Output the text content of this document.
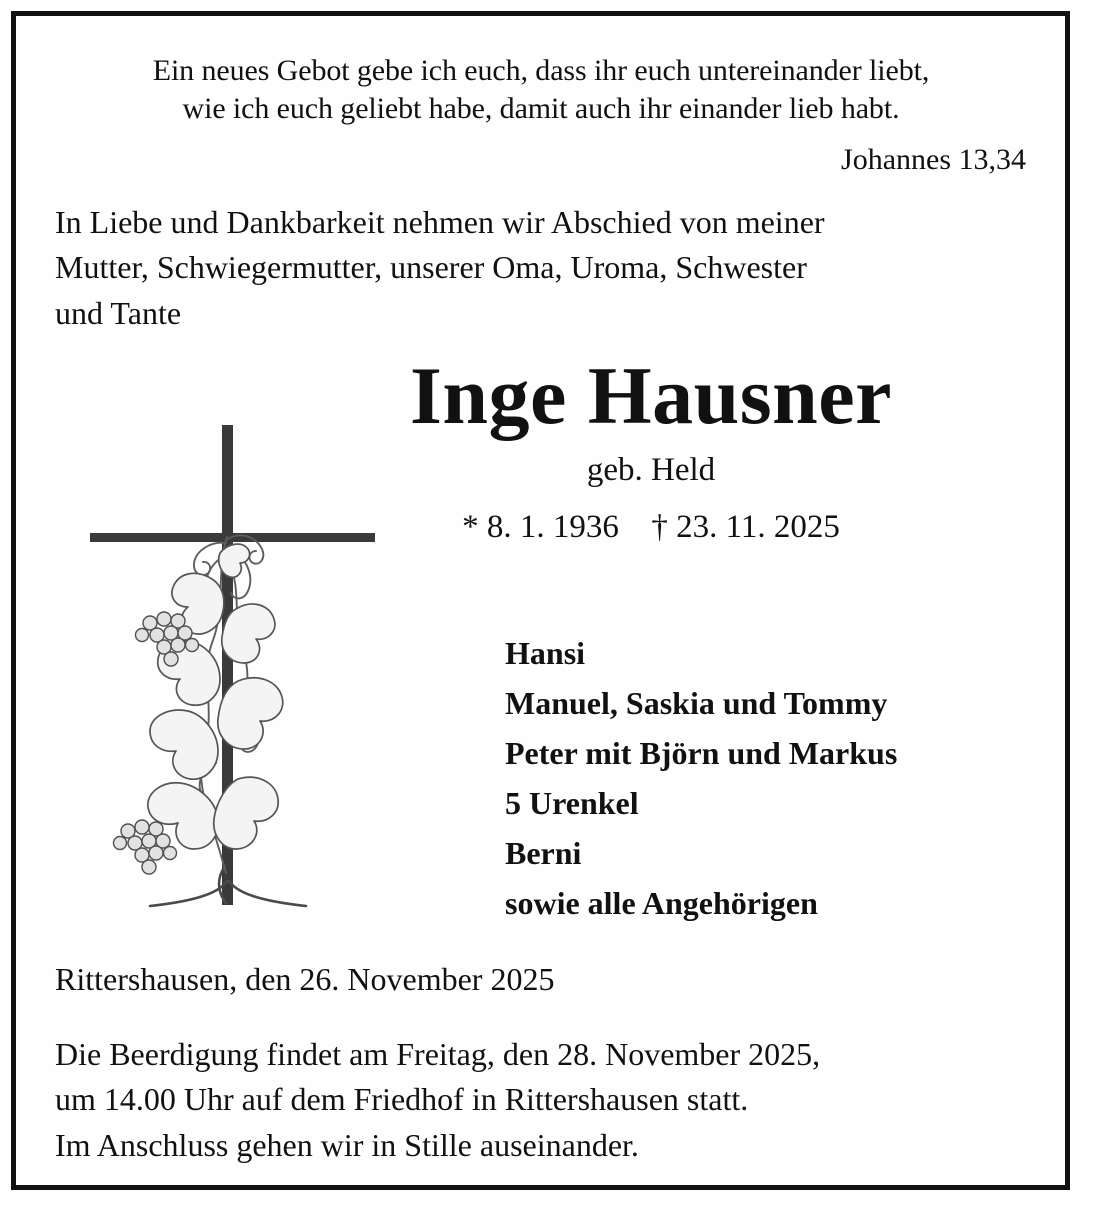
Ein neues Gebot gebe ich euch, dass ihr euch untereinander liebt,
wie ich euch geliebt habe, damit auch ihr einander lieb habt.
Johannes 13,34
In Liebe und Dankbarkeit nehmen wir Abschied von meiner
Mutter, Schwiegermutter, unserer Oma, Uroma, Schwester
und Tante
Inge Hausner
geb. Held
* 8. 1. 1936 † 23. 11. 2025
Hansi
Manuel, Saskia und Tommy
Peter mit Björn und Markus
5 Urenkel
Berni
sowie alle Angehörigen
Rittershausen, den 26. November 2025
Die Beerdigung findet am Freitag, den 28. November 2025,
um 14.00 Uhr auf dem Friedhof in Rittershausen statt.
Im Anschluss gehen wir in Stille auseinander.
